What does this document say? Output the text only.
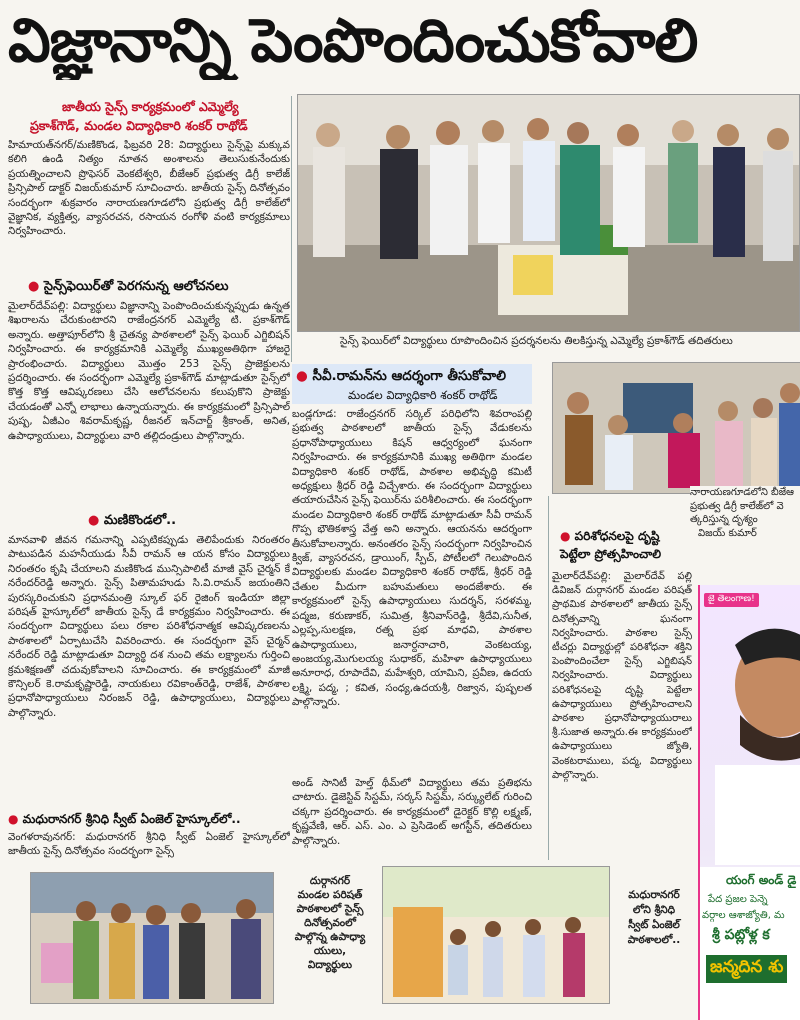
విజ్ఞానాన్ని పెంపొందించుకోవాలి
సైన్స్ ఫెయిర్‌లో విద్యార్థులు రూపొందించిన ప్రదర్శనలను తిలకిస్తున్న ఎమ్మెల్యే ప్రకాశ్‌గౌడ్ తదితరులు
జాతీయ సైన్స్ కార్యక్రమంలో ఎమ్మెల్యే
ప్రకాశ్‌గౌడ్, మండల విద్యాధికారి శంకర్ రాథోడ్
హిమాయత్‌నగర్/మణికొండ, ఫిబ్రవరి 28: విద్యార్థులు సైన్స్‌పై మక్కువ కలిగి ఉండి నిత్యం నూతన అంశాలను తెలుసుకునేందుకు ప్రయత్నించాలని ప్రొఫెసర్ వెంకటేశ్వరి, బీజేఆర్ ప్రభుత్వ డిగ్రీ కాలేజ్ ప్రిన్సిపాల్ డాక్టర్ విజయ్‌కుమార్ సూచించారు. జాతీయ సైన్స్ దినోత్సవం సందర్భంగా శుక్రవారం నారాయణగూడలోని ప్రభుత్వ డిగ్రీ కాలేజ్‌లో వైజ్ఞానిక, వ్యక్తిత్వ, వ్యాసరచన, రసాయన రంగోళి వంటి కార్యక్రమాలు నిర్వహించారు.
● సైన్స్‌ఫెయిర్‌తో పెరగనున్న ఆలోచనలు
మైలార్‌దేవ్‌పల్లి: విద్యార్థులు విజ్ఞానాన్ని పెంపొందించుకున్నప్పుడు ఉన్నత శిఖరాలను చేరుకుంటారని రాజేంద్రనగర్ ఎమ్మెల్యే టి. ప్రకాశ్‌గౌడ్ అన్నారు. అత్తాపూర్‌లోని శ్రీ చైతన్య పాఠశాలలో సైన్స్ ఫెయిర్ ఎగ్జిబిషన్ నిర్వహించారు. ఈ కార్యక్రమానికి ఎమ్మెల్యే ముఖ్యఅతిథిగా హాజరై ప్రారంభించారు. విద్యార్థులు మొత్తం 253 సైన్స్ ప్రాజెక్టులను ప్రదర్శించారు. ఈ సందర్భంగా ఎమ్మెల్యే ప్రకాశ్‌గౌడ్ మాట్లాడుతూ సైన్స్‌లో కొత్త కొత్త ఆవిష్కరణలు చేసి ఆలోచనలను కలుపుకొని ప్రాజెక్టు చేయడంతో ఎన్నో లాభాలు ఉన్నాయన్నారు. ఈ కార్యక్రమంలో ప్రిన్సిపాల్ పుష్ప, ఏజీఎం శివరామ్‌కృష్ణ, రీజనల్ ఇన్‌చార్జ్ శ్రీకాంత్, అనిత, ఉపాధ్యాయులు, విద్యార్థులు వారి తల్లిదండ్రులు పాల్గొన్నారు.
● మణికొండలో..
మానవాళి జీవన గమనాన్ని ఎప్పటికప్పుడు తెలిపేందుకు నిరంతరం పాటుపడిన మహనీయుడు సీవీ రామన్ ఆ యన కోసం విద్యార్థులు నిరంతరం కృషి చేయాలని మణికొండ మున్సిపాలిటీ మాజీ వైస్ చైర్మన్ కే నరేందర్‌రెడ్డి అన్నారు. సైన్స్ పితామహుడు సి.వి.రామన్ జయంతిని పురస్కరించుకుని ప్రధానమంత్రి స్కూల్ ఫర్ రైజింగ్ ఇండియా జిల్లా పరిషత్ హైస్కూల్‌లో జాతీయ సైన్స్ డే కార్యక్రమం నిర్వహించారు. ఈ సందర్భంగా విద్యార్థులు పలు రకాల పరిశోధనాత్మక ఆవిష్కరణలను పాఠశాలలో ఏర్పాటుచేసి వివరించారు. ఈ సందర్భంగా వైస్ చైర్మన్ నరేందర్ రెడ్డి మాట్లాడుతూ విద్యార్థి దశ నుంచి తమ లక్ష్యాలను గుర్తించి క్రమశిక్షణతో చదువుకోవాలని సూచించారు. ఈ కార్యక్రమంలో మాజీ కౌన్సిలర్ కె.రామకృష్ణారెడ్డి, నాయకులు రవికాంత్‌రెడ్డి, రాజేశ్, పాఠశాల ప్రధానోపాధ్యాయులు నిరంజన్ రెడ్డి, ఉపాధ్యాయులు, విద్యార్థులు పాల్గొన్నారు.
● మధురానగర్ శ్రీనిధి స్వీట్ ఏంజెల్ హైస్కూల్‌లో..
వెంగళరావునగర్: మధురానగర్ శ్రీనిధి స్వీట్ ఏంజెల్ హైస్కూల్‌లో జాతీయ సైన్స్ దినోత్సవం సందర్భంగా సైన్స్
● సీవీ.రామన్‌ను ఆదర్శంగా తీసుకోవాలి
మండల విద్యాధికారి శంకర్ రాథోడ్
బండ్లగూడ: రాజేంద్రనగర్ సర్కిల్ పరిధిలోని శివరాంపల్లి ప్రభుత్వ పాఠశాలలో జాతీయ సైన్స్ వేడుకలను ప్రధానోపాధ్యాయులు కిషన్ ఆధ్వర్యంలో ఘనంగా నిర్వహించారు. ఈ కార్యక్రమానికి ముఖ్య అతిథిగా మండల విద్యాధికారి శంకర్ రాథోడ్, పాఠశాల అభివృద్ధి కమిటీ అధ్యక్షులు శ్రీధర్ రెడ్డి విచ్చేశారు. ఈ సందర్భంగా విద్యార్థులు తయారుచేసిన సైన్స్ ఫెయిర్‌ను పరిశీలించారు. ఈ సందర్భంగా మండల విద్యాధికారి శంకర్ రాథోడ్ మాట్లాడుతూ సీవీ రామన్ గొప్ప భౌతికశాస్త్ర వేత్త అని అన్నారు. ఆయనను ఆదర్శంగా తీసుకోవాలన్నారు. అనంతరం సైన్స్ సందర్భంగా నిర్వహించిన క్విజ్, వ్యాసరచన, డ్రాయింగ్, స్పీచ్, పోటీలలో గెలుపొందిన విద్యార్థులకు మండల విద్యాధికారి శంకర్ రాథోడ్, శ్రీధర్ రెడ్డి చేతుల మీదుగా బహుమతులు అందజేశారు. ఈ కార్యక్రమంలో సైన్స్ ఉపాధ్యాయులు సుదర్శన్, సరళమ్మ, పద్మజ, కరుణాకర్, సుమిత్ర, శ్రీనివాస్‌రెడ్డి, శ్రీదేవి,సునీత, ఎల్లప్ప,సులక్షణ, రత్న ప్రభ మాధవి, పాఠశాల ఉపాధ్యాయులు, జనార్దనాచారి, వెంకటయ్య, అంజయ్య,మొగులయ్య సుధాకర్, మహిళా ఉపాధ్యాయులు అనూరాధ, రూపాదేవి, మహేశ్వరి, యామిని, ప్రవీణ, ఉదయ లక్ష్మి, పద్మ, ; కవిత, సంధ్య,ఉదయశ్రీ, రిజ్వాన, పుష్పలత పాల్గొన్నారు.
అండ్ సానిటీ హెల్త్ థీమ్‌లో విద్యార్థులు తమ ప్రతిభను చాటారు. డైజెస్టివ్ సిస్టమ్, సర్కస్ సిస్టమ్, సర్క్యులేట్ గురించి చక్కగా ప్రదర్శించారు. ఈ కార్యక్రమంలో డైరెక్టర్ కొల్లి లక్ష్మణ్, కృష్ణవేణి, ఆర్. ఎస్. ఎం. ఎ ప్రెసిడెంట్ అగస్టీన్, తదితరులు పాల్గొన్నారు.
నారాయణగూడలోని బీజేఆ
ప్రభుత్వ డిగ్రీ కాలేజ్‌లో వె
త్కరిస్తున్న దృశ్యం
విజయ్ కుమార్
● పరిశోధనలపై దృష్టి
పెట్టేలా ప్రోత్సహించాలి
మైలార్‌దేవ్‌పల్లి: మైలార్‌దేవ్ పల్లి డివిజన్ దుర్గానగర్ మండల పరిషత్ ప్రాథమిక పాఠశాలలో జాతీయ సైన్స్ దినోత్సవాన్ని ఘనంగా నిర్వహించారు. పాఠశాల సైన్స్ టీచర్లు విద్యార్థుల్లో పరిశోధనా శక్తిని పెంపొందించేలా సైన్స్ ఎగ్జిబిషన్ నిర్వహించారు. విద్యార్థులు పరిశోధనలపై దృష్టి పెట్టేలా ఉపాధ్యాయులు ప్రోత్సహించాలని పాఠశాల ప్రధానోపాధ్యాయురాలు శ్రీ.సుజాత అన్నారు.ఈ కార్యక్రమంలో ఉపాధ్యాయులు జ్యోతి, వెంకటరాములు, పద్మ, విద్యార్థులు పాల్గొన్నారు.
దుర్గానగర్
మండల పరిషత్
పాఠశాలలో సైన్స్
దినోత్సవంలో
పాల్గొన్న ఉపాధ్యా
యులు,
విద్యార్థులు
మధురానగర్
లోని శ్రీనిధి
స్వీట్ ఏంజెల్
పాఠశాలలో..
జై తెలంగాణ!
యంగ్ అండ్ డై
పేద ప్రజల పెన్నె
వర్గాల ఆశాజ్యోతి, మ
శ్రీ పట్లోళ్ల క
జన్మదిన శు
